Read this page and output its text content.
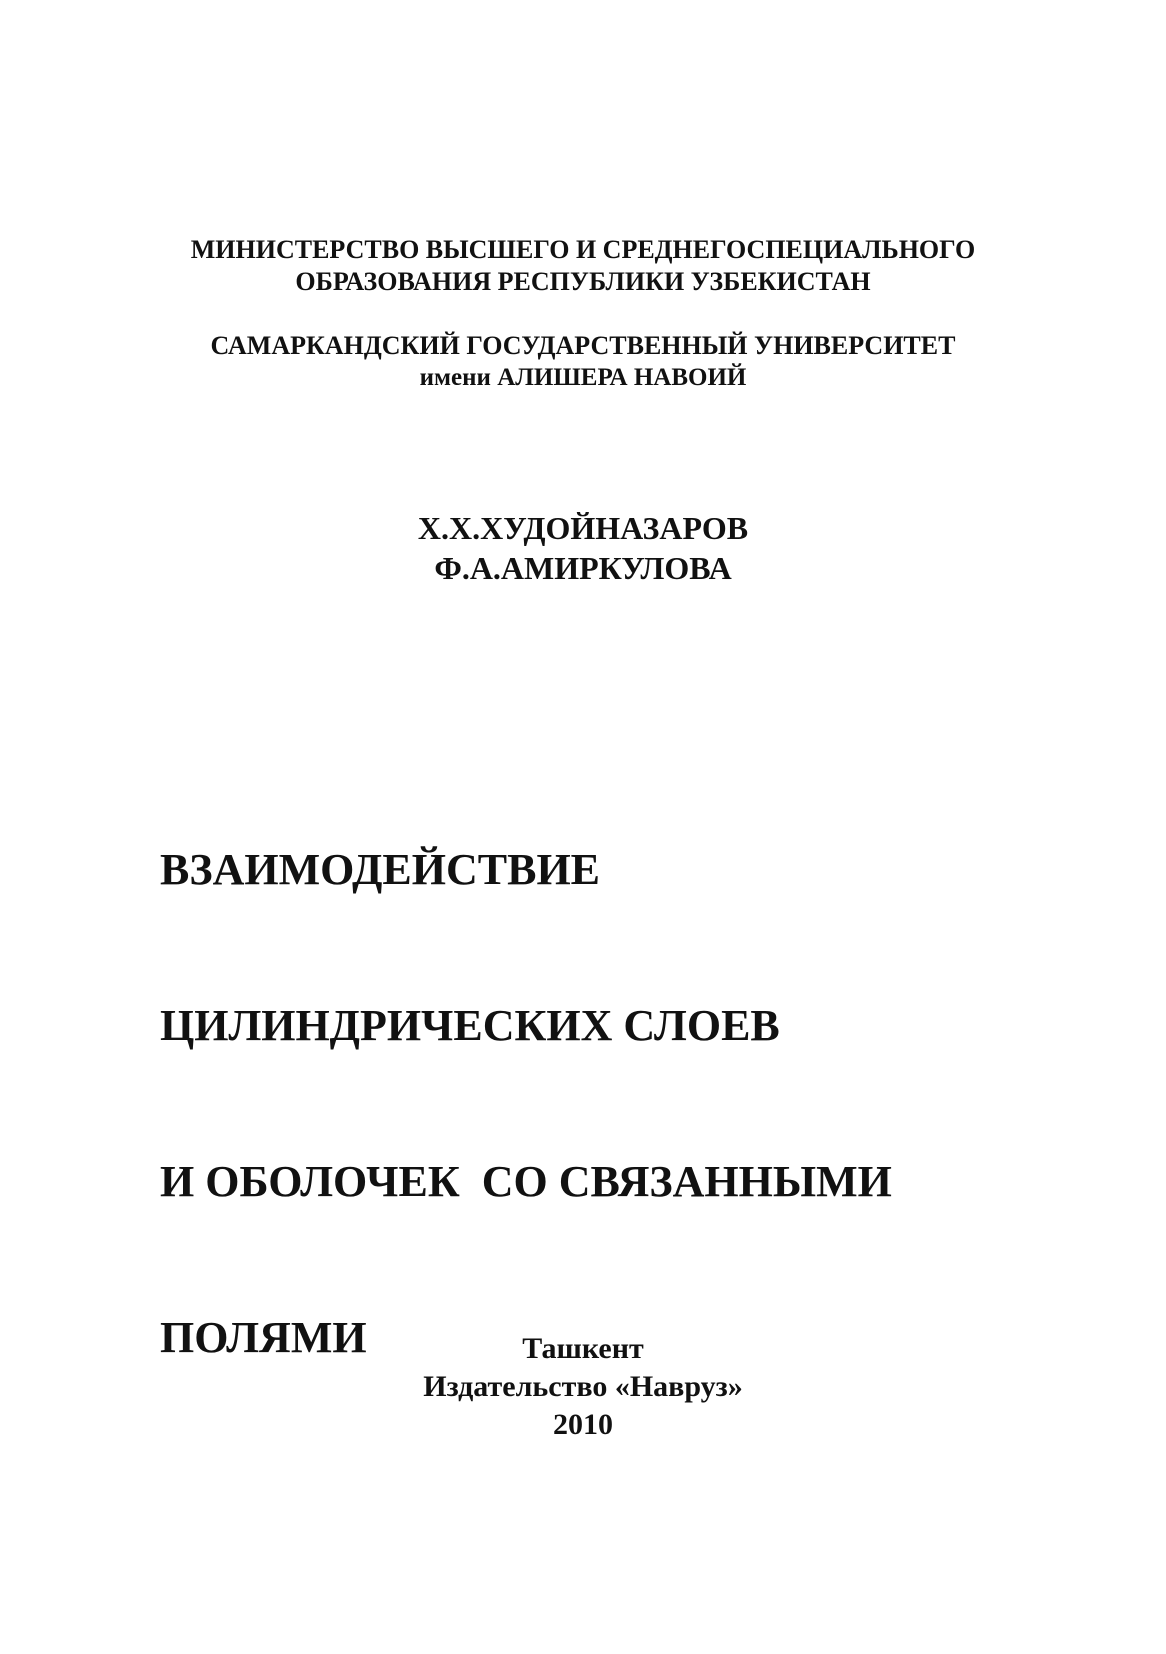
МИНИСТЕРСТВО ВЫСШЕГО И СРЕДНЕГОСПЕЦИАЛЬНОГО
ОБРАЗОВАНИЯ РЕСПУБЛИКИ УЗБЕКИСТАН
САМАРКАНДСКИЙ ГОСУДАРСТВЕННЫЙ УНИВЕРСИТЕТ
имени АЛИШЕРА НАВОИЙ
Х.Х.ХУДОЙНАЗАРОВ
Ф.А.АМИРКУЛОВА

ВЗАИМОДЕЙСТВИЕ

ЦИЛИНДРИЧЕСКИХ СЛОЕВ

И ОБОЛОЧЕК  СО СВЯЗАННЫМИ

ПОЛЯМИ

	Ташкент
Издательство «Навруз»
2010
